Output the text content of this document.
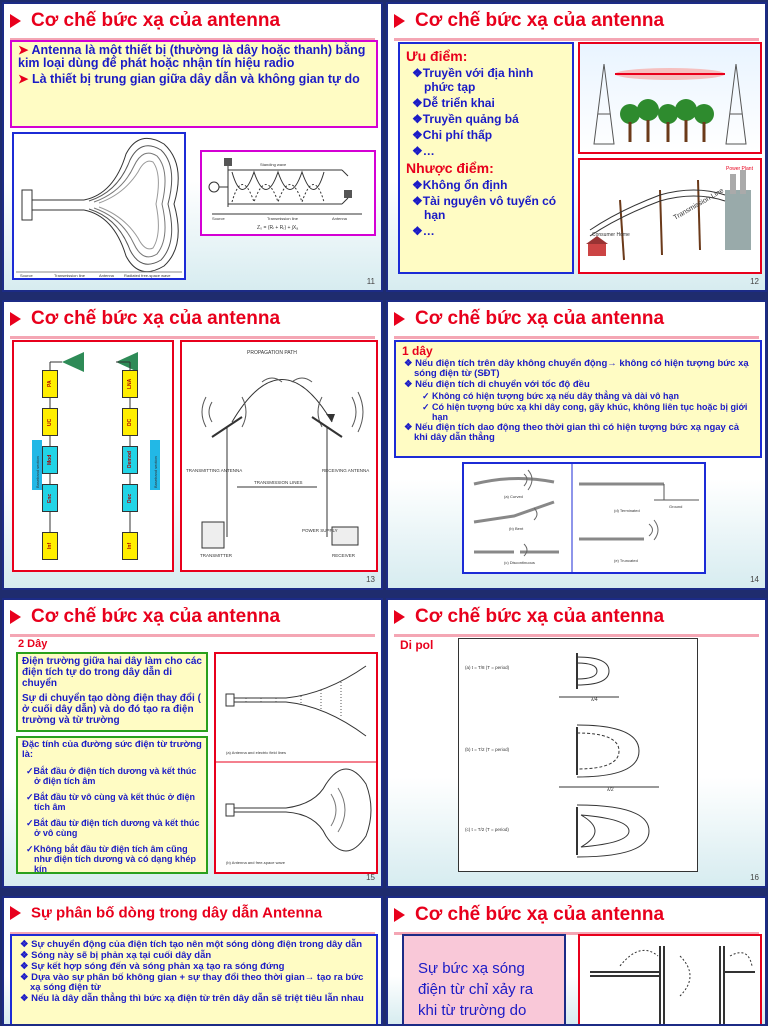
Cơ chế bức xạ của antenna
➤ Antenna là một thiết bị (thường là dây hoặc thanh) bằng kim loại dùng để phát hoặc nhận tín hiệu radio
➤ Là thiết bị trung gian giữa dây dẫn và không gian tự do
Source	Transmission line	Antenna	Radiated free-space wave
Standing wave
Source	Transmission line	Antenna
Z₀ = (Rₗ + Rᵣ) + jXₐ
11
Cơ chế bức xạ của antenna
Ưu điểm:
❖Truyền với địa hình phức tạp
❖Dễ triển khai
❖Truyền quảng bá
❖Chi phí thấp
❖…
Nhược điểm:
❖Không ổn định
❖Tài nguyên vô tuyến có hạn
❖…
Power Plant
Transmission Line
Consumer Home
12
Cơ chế bức xạ của antenna
Baseband section	Baseband section
PA
UC
Mod
Enc
Inf
LNA
DC
Demod
Dec
Inf
PROPAGATION PATH
TRANSMITTING ANTENNA	RECEIVING ANTENNA
TRANSMISSION LINES
TRANSMITTER
POWER SUPPLY
RECEIVER
13
Cơ chế bức xạ của antenna
1 dây
❖ Nếu điện tích trên dây không chuyển động→ không có hiện tượng bức xạ sóng điện từ (SĐT)
❖ Nếu điện tích di chuyển với tốc độ đều
✓ Không có hiện tượng bức xạ nếu dây thẳng và dài vô hạn
✓ Có hiện tượng bức xạ khi dây cong, gãy khúc, không liên tục hoặc bị giới hạn
❖ Nếu điện tích dao động theo thời gian thì có hiện tượng bức xạ ngay cả khi dây dẫn thẳng
(a) Curved
(b) Bent
(c) Discontinuous
(d) Terminated
Ground
(e) Truncated
14
Cơ chế bức xạ của antenna
2 Dây
Điện trường giữa hai dây làm cho các điện tích tự do trong dây dẫn di chuyển
Sự di chuyển tạo dòng điện thay đổi ( ở cuối dây dẫn) và do đó tạo ra điện trường và từ trường
Đặc tính của đường sức điện từ trường là:
✓Bắt đầu ở điện tích dương và kết thúc ở điện tích âm
✓Bắt đầu từ vô cùng và kết thúc ở điện tích âm
✓Bắt đầu từ điện tích dương và kết thúc ở vô cùng
✓Không bắt đầu từ điện tích âm cũng như điện tích dương và có dạng khép kín
(a) Antenna and electric field lines
(b) Antenna and free-space wave
15
Cơ chế bức xạ của antenna
Di pol
(a) t = T/8 (T = period)
(b) t = T/2 (T = period)
(c) t = T/2 (T = period)
λ/4
λ/2
16
Sự phân bố dòng trong dây dẫn Antenna
❖ Sự chuyển động của điện tích tạo nên một sóng dòng điện trong dây dẫn
❖ Sóng này sẽ bị phản xạ tại cuối dây dẫn
❖ Sự kết hợp sóng đến và sóng phản xạ tạo ra sóng đứng
❖ Dựa vào sự phân bố không gian + sự thay đổi theo thời gian→ tạo ra bức xạ sóng điện từ
❖ Nếu là dây dẫn thẳng thì bức xạ điện từ trên dây dẫn sẽ triệt tiêu lẫn nhau
Cơ chế bức xạ của antenna
Sự bức xạ sóng điện từ chỉ xảy ra khi từ trường do
